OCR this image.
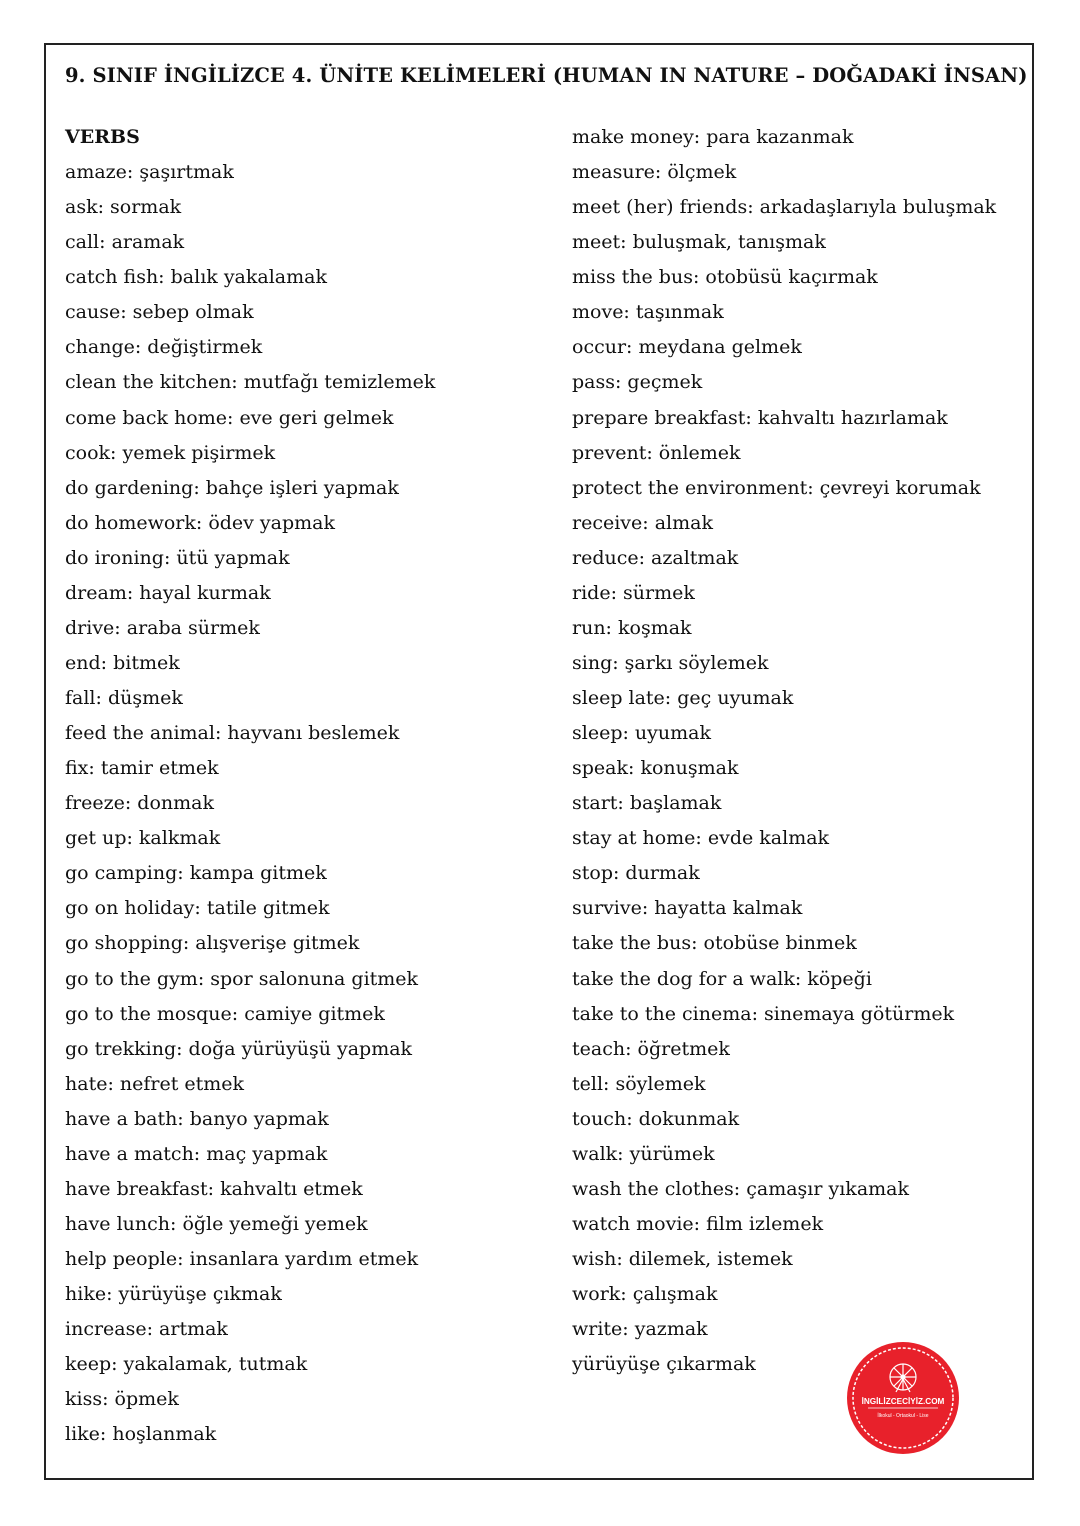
9. SINIF İNGİLİZCE 4. ÜNİTE KELİMELERİ (HUMAN IN NATURE – DOĞADAKİ İNSAN)
VERBS
amaze: şaşırtmak
ask: sormak
call: aramak
catch fish: balık yakalamak
cause: sebep olmak
change: değiştirmek
clean the kitchen: mutfağı temizlemek
come back home: eve geri gelmek
cook: yemek pişirmek
do gardening: bahçe işleri yapmak
do homework: ödev yapmak
do ironing: ütü yapmak
dream: hayal kurmak
drive: araba sürmek
end: bitmek
fall: düşmek
feed the animal: hayvanı beslemek
fix: tamir etmek
freeze: donmak
get up: kalkmak
go camping: kampa gitmek
go on holiday: tatile gitmek
go shopping: alışverişe gitmek
go to the gym: spor salonuna gitmek
go to the mosque: camiye gitmek
go trekking: doğa yürüyüşü yapmak
hate: nefret etmek
have a bath: banyo yapmak
have a match: maç yapmak
have breakfast: kahvaltı etmek
have lunch: öğle yemeği yemek
help people: insanlara yardım etmek
hike: yürüyüşe çıkmak
increase: artmak
keep: yakalamak, tutmak
kiss: öpmek
like: hoşlanmak
make money: para kazanmak
measure: ölçmek
meet (her) friends: arkadaşlarıyla buluşmak
meet: buluşmak, tanışmak
miss the bus: otobüsü kaçırmak
move: taşınmak
occur: meydana gelmek
pass: geçmek
prepare breakfast: kahvaltı hazırlamak
prevent: önlemek
protect the environment: çevreyi korumak
receive: almak
reduce: azaltmak
ride: sürmek
run: koşmak
sing: şarkı söylemek
sleep late: geç uyumak
sleep: uyumak
speak: konuşmak
start: başlamak
stay at home: evde kalmak
stop: durmak
survive: hayatta kalmak
take the bus: otobüse binmek
take the dog for a walk: köpeği
take to the cinema: sinemaya götürmek
teach: öğretmek
tell: söylemek
touch: dokunmak
walk: yürümek
wash the clothes: çamaşır yıkamak
watch movie: film izlemek
wish: dilemek, istemek
work: çalışmak
write: yazmak
yürüyüşe çıkarmak
İNGİLİZCECİYİZ.COM
İlkokul - Ortaokul - Lise
